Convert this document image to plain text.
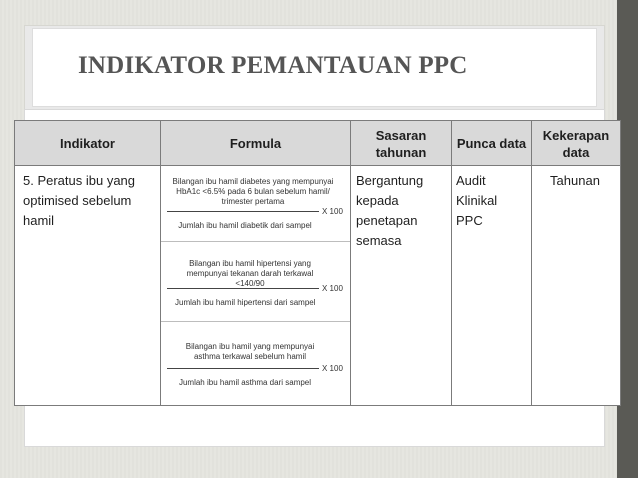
INDIKATOR PEMANTAUAN PPC
Indikator	Formula
Sasaran tahunan
Punca data
Kekerapan data
5. Peratus ibu yang optimised sebelum hamil
Bergantung kepada penetapan semasa
Audit Klinikal PPC
Tahunan
Bilangan ibu hamil diabetes yang mempunyai HbA1c <6.5% pada 6 bulan sebelum hamil/ trimester pertama
X 100
Jumlah ibu hamil diabetik dari sampel
Bilangan ibu hamil hipertensi yang mempunyai tekanan darah terkawal <140/90
X 100
Jumlah ibu hamil hipertensi dari sampel
Bilangan ibu hamil yang mempunyai asthma terkawal sebelum hamil
X 100
Jumlah ibu hamil asthma dari sampel
